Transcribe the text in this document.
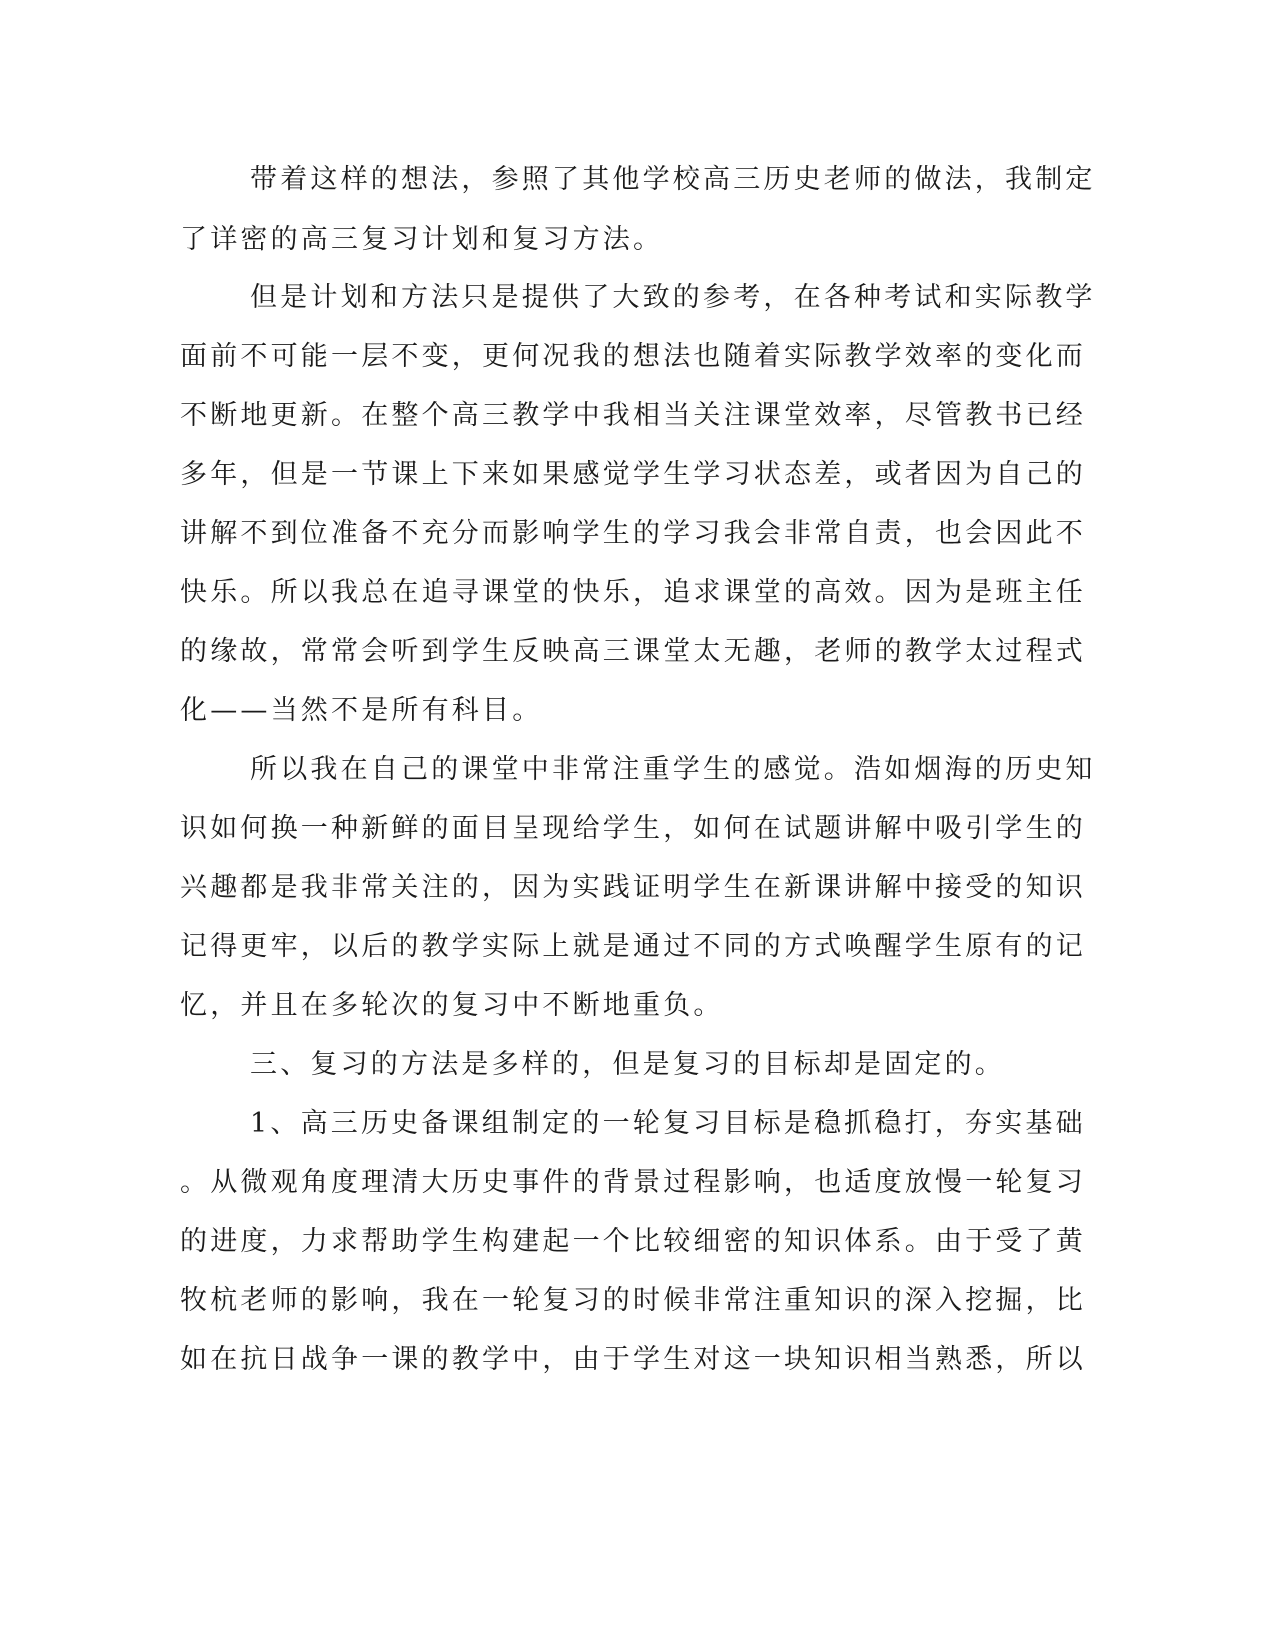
带着这样的想法，参照了其他学校高三历史老师的做法，我制定
了详密的高三复习计划和复习方法。
但是计划和方法只是提供了大致的参考，在各种考试和实际教学
面前不可能一层不变，更何况我的想法也随着实际教学效率的变化而
不断地更新。在整个高三教学中我相当关注课堂效率，尽管教书已经
多年，但是一节课上下来如果感觉学生学习状态差，或者因为自己的
讲解不到位准备不充分而影响学生的学习我会非常自责，也会因此不
快乐。所以我总在追寻课堂的快乐，追求课堂的高效。因为是班主任
的缘故，常常会听到学生反映高三课堂太无趣，老师的教学太过程式
化——当然不是所有科目。
所以我在自己的课堂中非常注重学生的感觉。浩如烟海的历史知
识如何换一种新鲜的面目呈现给学生，如何在试题讲解中吸引学生的
兴趣都是我非常关注的，因为实践证明学生在新课讲解中接受的知识
记得更牢，以后的教学实际上就是通过不同的方式唤醒学生原有的记
忆，并且在多轮次的复习中不断地重负。
三、复习的方法是多样的，但是复习的目标却是固定的。
1、高三历史备课组制定的一轮复习目标是稳抓稳打，夯实基础
。从微观角度理清大历史事件的背景过程影响，也适度放慢一轮复习
的进度，力求帮助学生构建起一个比较细密的知识体系。由于受了黄
牧杭老师的影响，我在一轮复习的时候非常注重知识的深入挖掘，比
如在抗日战争一课的教学中，由于学生对这一块知识相当熟悉，所以
